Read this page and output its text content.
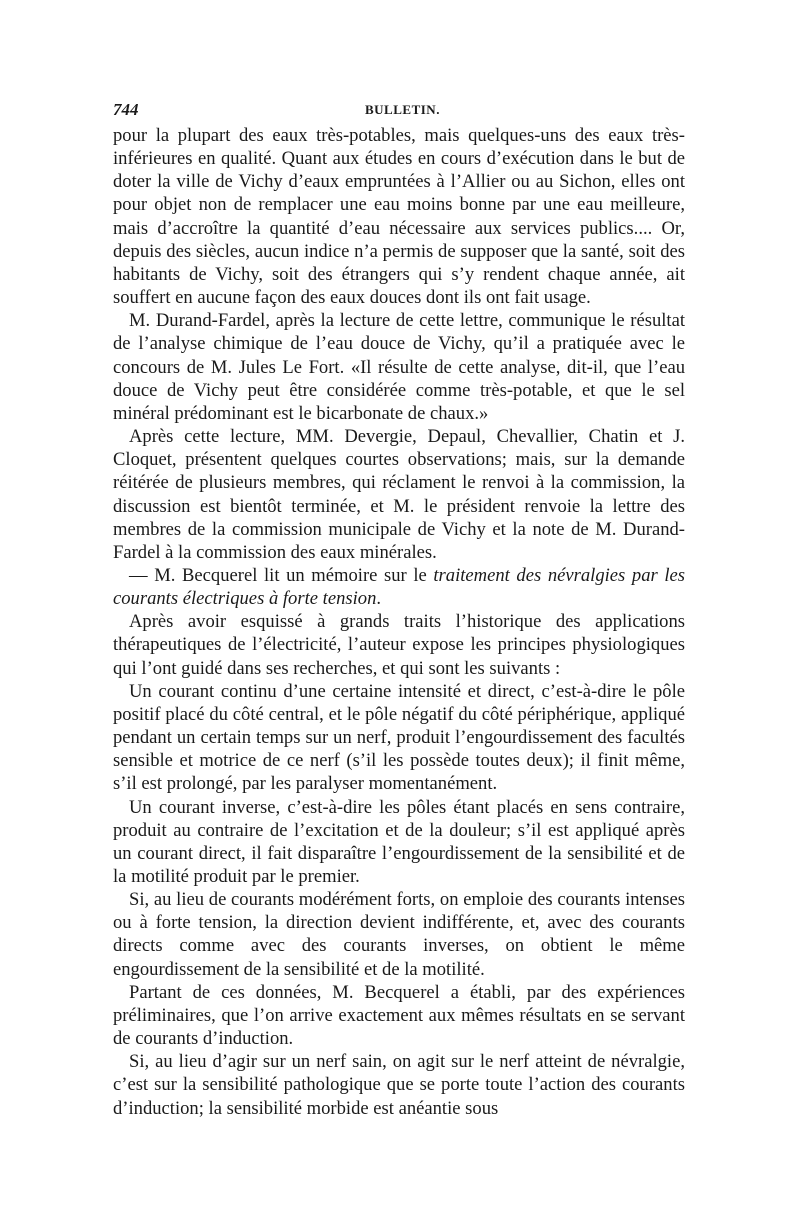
744	BULLETIN.

pour la plupart des eaux très-potables, mais quelques-uns des eaux très-inférieures en qualité. Quant aux études en cours d’exécution dans le but de doter la ville de Vichy d’eaux empruntées à l’Allier ou au Sichon, elles ont pour objet non de remplacer une eau moins bonne par une eau meilleure, mais d’accroître la quantité d’eau nécessaire aux services publics.... Or, depuis des siècles, aucun indice n’a permis de supposer que la santé, soit des habitants de Vichy, soit des étrangers qui s’y rendent chaque année, ait souffert en aucune façon des eaux douces dont ils ont fait usage.

M. Durand-Fardel, après la lecture de cette lettre, communique le résultat de l’analyse chimique de l’eau douce de Vichy, qu’il a pratiquée avec le concours de M. Jules Le Fort. «Il résulte de cette analyse, dit-il, que l’eau douce de Vichy peut être considérée comme très-potable, et que le sel minéral prédominant est le bicarbonate de chaux.»

Après cette lecture, MM. Devergie, Depaul, Chevallier, Chatin et J. Cloquet, présentent quelques courtes observations; mais, sur la demande réitérée de plusieurs membres, qui réclament le renvoi à la commission, la discussion est bientôt terminée, et M. le président renvoie la lettre des membres de la commission municipale de Vichy et la note de M. Durand-Fardel à la commission des eaux minérales.

— M. Becquerel lit un mémoire sur le traitement des névralgies par les courants électriques à forte tension.

Après avoir esquissé à grands traits l’historique des applications thérapeutiques de l’électricité, l’auteur expose les principes physiologiques qui l’ont guidé dans ses recherches, et qui sont les suivants :

Un courant continu d’une certaine intensité et direct, c’est-à-dire le pôle positif placé du côté central, et le pôle négatif du côté périphérique, appliqué pendant un certain temps sur un nerf, produit l’engourdissement des facultés sensible et motrice de ce nerf (s’il les possède toutes deux); il finit même, s’il est prolongé, par les paralyser momentanément.

Un courant inverse, c’est-à-dire les pôles étant placés en sens contraire, produit au contraire de l’excitation et de la douleur; s’il est appliqué après un courant direct, il fait disparaître l’engourdissement de la sensibilité et de la motilité produit par le premier.

Si, au lieu de courants modérément forts, on emploie des courants intenses ou à forte tension, la direction devient indifférente, et, avec des courants directs comme avec des courants inverses, on obtient le même engourdissement de la sensibilité et de la motilité.

Partant de ces données, M. Becquerel a établi, par des expériences préliminaires, que l’on arrive exactement aux mêmes résultats en se servant de courants d’induction.

Si, au lieu d’agir sur un nerf sain, on agit sur le nerf atteint de névralgie, c’est sur la sensibilité pathologique que se porte toute l’action des courants d’induction; la sensibilité morbide est anéantie sous
